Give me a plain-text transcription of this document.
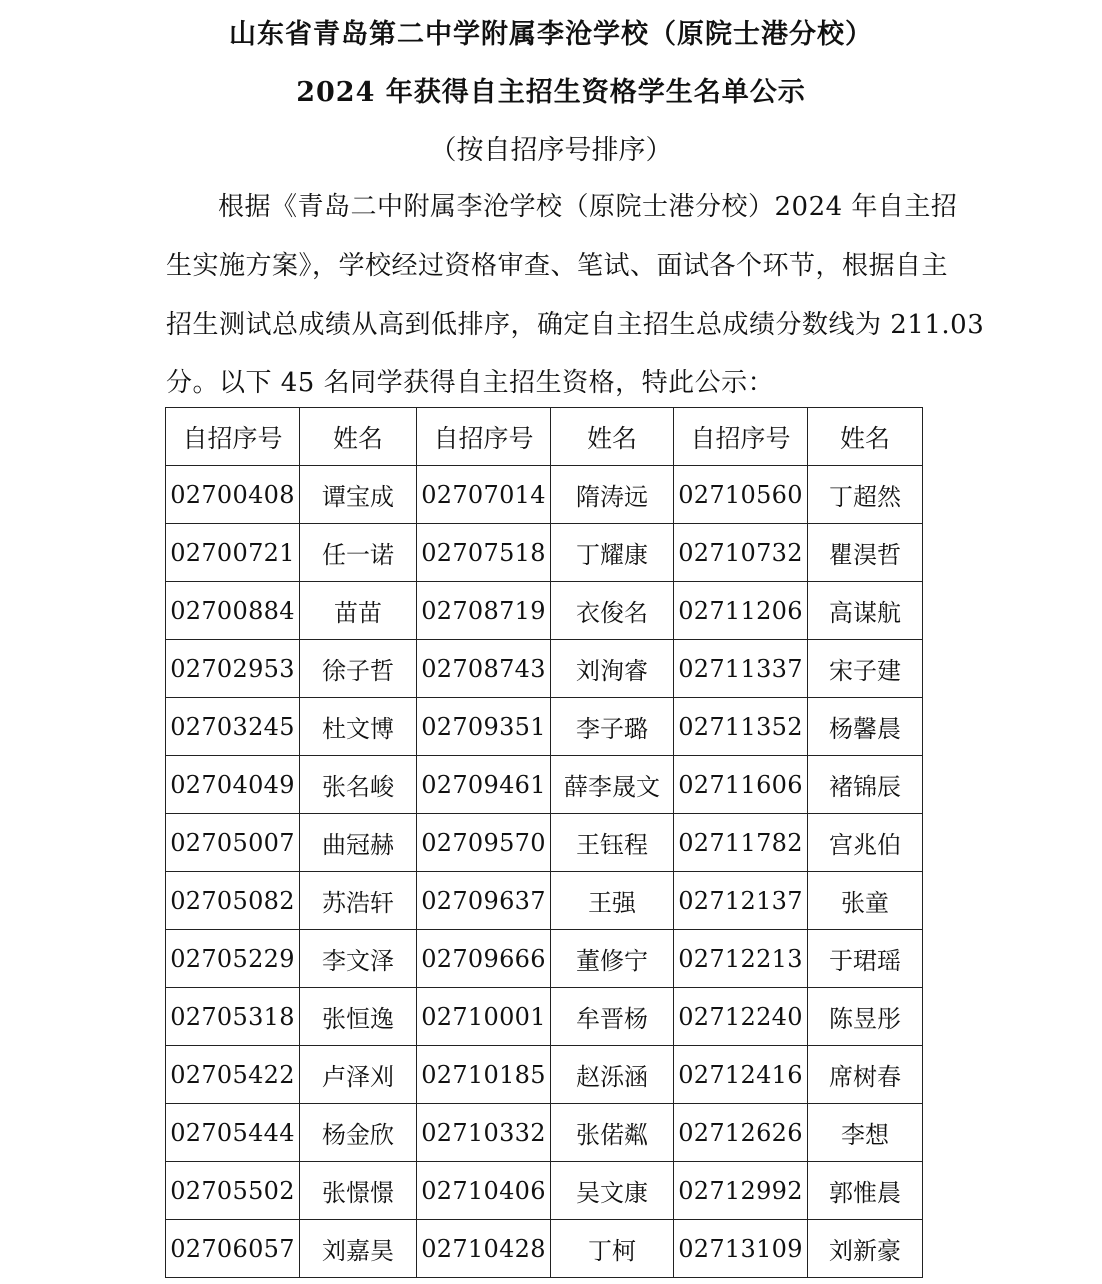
山东省青岛第二中学附属李沧学校（原院士港分校）
2024 年获得自主招生资格学生名单公示
（按自招序号排序）
根据《青岛二中附属李沧学校（原院士港分校）2024 年自主招
生实施方案》，学校经过资格审查、笔试、面试各个环节，根据自主
招生测试总成绩从高到低排序，确定自主招生总成绩分数线为 211.03
分。以下 45 名同学获得自主招生资格，特此公示：
自招序号	姓名	自招序号	姓名	自招序号	姓名
02700408	谭宝成	02707014	隋涛远	02710560	丁超然
02700721	任一诺	02707518	丁耀康	02710732	瞿淏哲
02700884	苗苗	02708719	衣俊名	02711206	高谋航
02702953	徐子哲	02708743	刘洵睿	02711337	宋子建
02703245	杜文博	02709351	李子璐	02711352	杨馨晨
02704049	张名峻	02709461	薛李晟文	02711606	褚锦辰
02705007	曲冠赫	02709570	王钰程	02711782	宫兆伯
02705082	苏浩轩	02709637	王强	02712137	张童
02705229	李文泽	02709666	董修宁	02712213	于珺瑶
02705318	张恒逸	02710001	牟晋杨	02712240	陈昱彤
02705422	卢泽刈	02710185	赵泺涵	02712416	席树春
02705444	杨金欣	02710332	张偌粼	02712626	李想
02705502	张憬憬	02710406	吴文康	02712992	郭惟晨
02706057	刘嘉昊	02710428	丁柯	02713109	刘新豪
